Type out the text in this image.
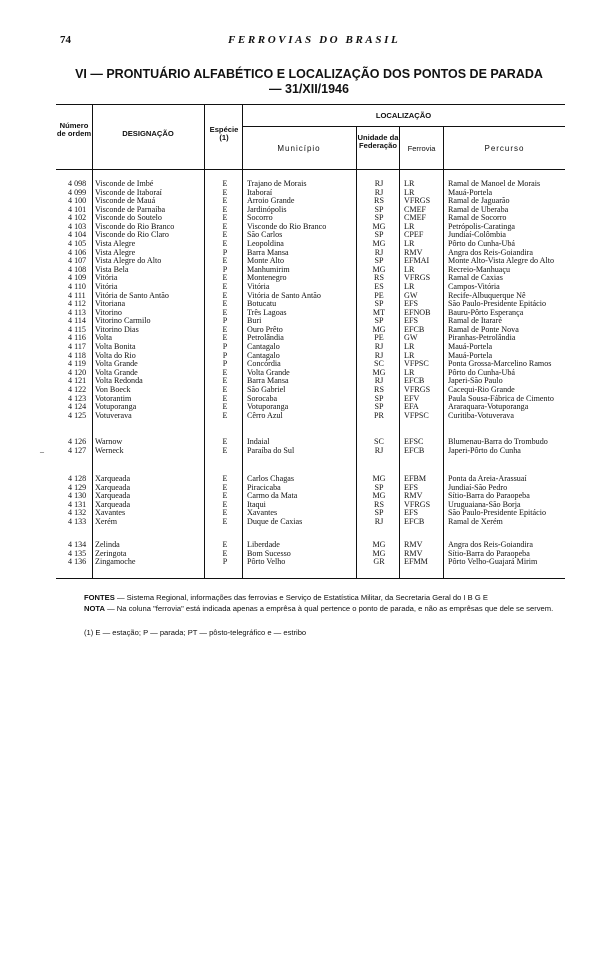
74	FERROVIAS DO BRASIL
VI — PRONTUÁRIO ALFABÉTICO E LOCALIZAÇÃO DOS PONTOS DE PARADA
— 31/XII/1946
Número de ordem	DESIGNAÇÃO	Espécie (1)
LOCALIZAÇÃO
Município
Unidade da Federação	Ferrovia	Percurso
4 098 Visconde de Imbé	E	Trajano de Morais	RJ	LR	Ramal de Manoel de Morais
4 099 Visconde de Itaboraí	E	Itaboraí	RJ	LR	Mauá-Portela
4 100 Visconde de Mauá	E	Arroio Grande	RS	VFRGS Ramal de Jaguarão
4 101 Visconde de Parnaíba	E	Jardinópolis	SP	CMEF	Ramal de Uberaba
4 102 Visconde do Soutelo	E	Socorro	SP	CMEF	Ramal de Socorro
4 103 Visconde do Rio Branco	E	Visconde do Rio Branco	MG	LR	Petrópolis-Caratinga
4 104 Visconde do Rio Claro	E	São Carlos	SP	CPEF	Jundiaí-Colômbia
4 105 Vista Alegre	E	Leopoldina	MG	LR	Pôrto do Cunha-Ubá
4 106 Vista Alegre	P	Barra Mansa	RJ	RMV	Angra dos Reis-Goiandira
4 107 Vista Alegre do Alto	E	Monte Alto	SP	EFMAI Monte Alto-Vista Alegre do Alto
4 108 Vista Bela	P	Manhumirim	MG	LR	Recreio-Manhuaçu
4 109 Vitória	E	Montenegro	RS	VFRGS Ramal de Caxias
4 110 Vitória	E	Vitória	ES	LR	Campos-Vitória
4 111 Vitória de Santo Antão	E	Vitória de Santo Antão	PE	GW	Recife-Albuquerque Nê
4 112 Vitoriana	E	Botucatu	SP	EFS	São Paulo-Presidente Epitácio
4 113 Vitorino	E	Três Lagoas	MT	EFNOB Bauru-Pôrto Esperança
4 114 Vitorino Carmilo	P	Buri	SP	EFS	Ramal de Itararé
4 115 Vitorino Dias	E	Ouro Prêto	MG	EFCB	Ramal de Ponte Nova
4 116 Volta	E	Petrolândia	PE	GW	Piranhas-Petrolândia
4 117 Volta Bonita	P	Cantagalo	RJ	LR	Mauá-Portela
4 118 Volta do Rio	P	Cantagalo	RJ	LR	Mauá-Portela
4 119 Volta Grande	P	Concórdia	SC	VFPSC Ponta Grossa-Marcelino Ramos
4 120 Volta Grande	E	Volta Grande	MG	LR	Pôrto do Cunha-Ubá
4 121 Volta Redonda	E	Barra Mansa	RJ	EFCB	Japeri-São Paulo
4 122 Von Boeck	E	São Gabriel	RS	VFRGS Cacequi-Rio Grande
4 123 Votorantim	E	Sorocaba	SP	EFV	Paula Sousa-Fábrica de Cimento
4 124 Votuporanga	E	Votuporanga	SP	EFA	Araraquara-Votuporanga
4 125 Votuverava	E	Cêrro Azul	PR	VFPSC Curitiba-Votuverava
4 126 Warnow	E	Indaial	SC	EFSC	Blumenau-Barra do Trombudo
4 127 Werneck	E	Paraíba do Sul	RJ	EFCB	Japeri-Pôrto do Cunha
4 128 Xarqueada	E	Carlos Chagas	MG	EFBM	Ponta da Areia-Arassuaí
4 129 Xarqueada	E	Piracicaba	SP	EFS	Jundiaí-São Pedro
4 130 Xarqueada	E	Carmo da Mata	MG	RMV	Sítio-Barra do Paraopeba
4 131 Xarqueada	E	Itaqui	RS	VFRGS Uruguaiana-São Borja
4 132 Xavantes	E	Xavantes	SP	EFS	São Paulo-Presidente Epitácio
4 133 Xerém	E	Duque de Caxias	RJ	EFCB	Ramal de Xerém
4 134 Zelinda	E	Liberdade	MG	RMV	Angra dos Reis-Goiandira
4 135 Zeringota	E	Bom Sucesso	MG	RMV	Sítio-Barra do Paraopeba
4 136 Zingamoche	P	Pôrto Velho	GR	EFMM Pôrto Velho-Guajará Mirim
–
FONTES — Sistema Regional, informações das ferrovias e Serviço de Estatística Militar, da Secretaria Geral do I B G E
NOTA — Na coluna "ferrovia" está indicada apenas a emprêsa à qual pertence o ponto de parada, e não as emprêsas que dele se servem.
(1) E — estação; P — parada; PT — pôsto-telegráfico e — estribo
